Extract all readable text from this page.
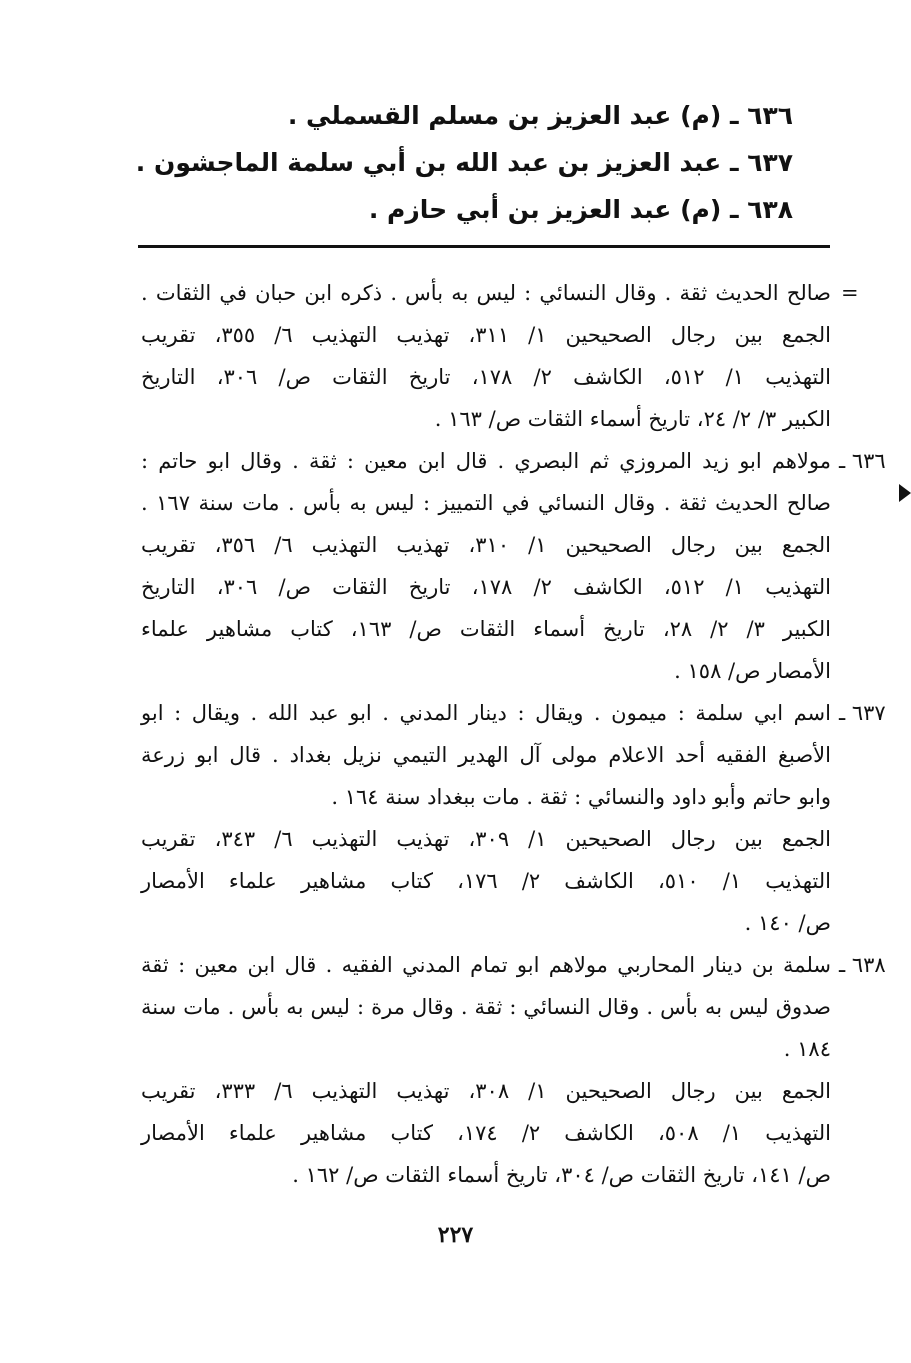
٦٣٦ ـ (م) عبد العزيز بن مسلم القسملي .
٦٣٧ ـ عبد العزيز بن عبد الله بن أبي سلمة الماجشون .
٦٣٨ ـ (م) عبد العزيز بن أبي حازم .
=
صالح الحديث ثقة . وقال النسائي : ليس به بأس . ذكره ابن حبان في الثقات .
الجمع بين رجال الصحيحين ١/ ٣١١، تهذيب التهذيب ٦/ ٣٥٥، تقريب
التهذيب ١/ ٥١٢، الكاشف ٢/ ١٧٨، تاريخ الثقات ص/ ٣٠٦، التاريخ
الكبير ٣/ ٢/ ٢٤، تاريخ أسماء الثقات ص/ ١٦٣ .
٦٣٦ ـ
مولاهم ابو زيد المروزي ثم البصري . قال ابن معين : ثقة . وقال ابو حاتم :
صالح الحديث ثقة . وقال النسائي في التمييز : ليس به بأس . مات سنة ١٦٧ .
الجمع بين رجال الصحيحين ١/ ٣١٠، تهذيب التهذيب ٦/ ٣٥٦، تقريب
التهذيب ١/ ٥١٢، الكاشف ٢/ ١٧٨، تاريخ الثقات ص/ ٣٠٦، التاريخ
الكبير ٣/ ٢/ ٢٨، تاريخ أسماء الثقات ص/ ١٦٣، كتاب مشاهير علماء
الأمصار ص/ ١٥٨ .
٦٣٧ ـ
اسم ابي سلمة : ميمون . ويقال : دينار المدني . ابو عبد الله . ويقال : ابو
الأصبغ الفقيه أحد الاعلام مولى آل الهدير التيمي نزيل بغداد . قال ابو زرعة
وابو حاتم وأبو داود والنسائي : ثقة . مات ببغداد سنة ١٦٤ .
الجمع بين رجال الصحيحين ١/ ٣٠٩، تهذيب التهذيب ٦/ ٣٤٣، تقريب
التهذيب ١/ ٥١٠، الكاشف ٢/ ١٧٦، كتاب مشاهير علماء الأمصار
ص/ ١٤٠ .
٦٣٨ ـ
سلمة بن دينار المحاربي مولاهم ابو تمام المدني الفقيه . قال ابن معين : ثقة
صدوق ليس به بأس . وقال النسائي : ثقة . وقال مرة : ليس به بأس . مات سنة
١٨٤ .
الجمع بين رجال الصحيحين ١/ ٣٠٨، تهذيب التهذيب ٦/ ٣٣٣، تقريب
التهذيب ١/ ٥٠٨، الكاشف ٢/ ١٧٤، كتاب مشاهير علماء الأمصار
ص/ ١٤١، تاريخ الثقات ص/ ٣٠٤، تاريخ أسماء الثقات ص/ ١٦٢ .
٢٢٧
